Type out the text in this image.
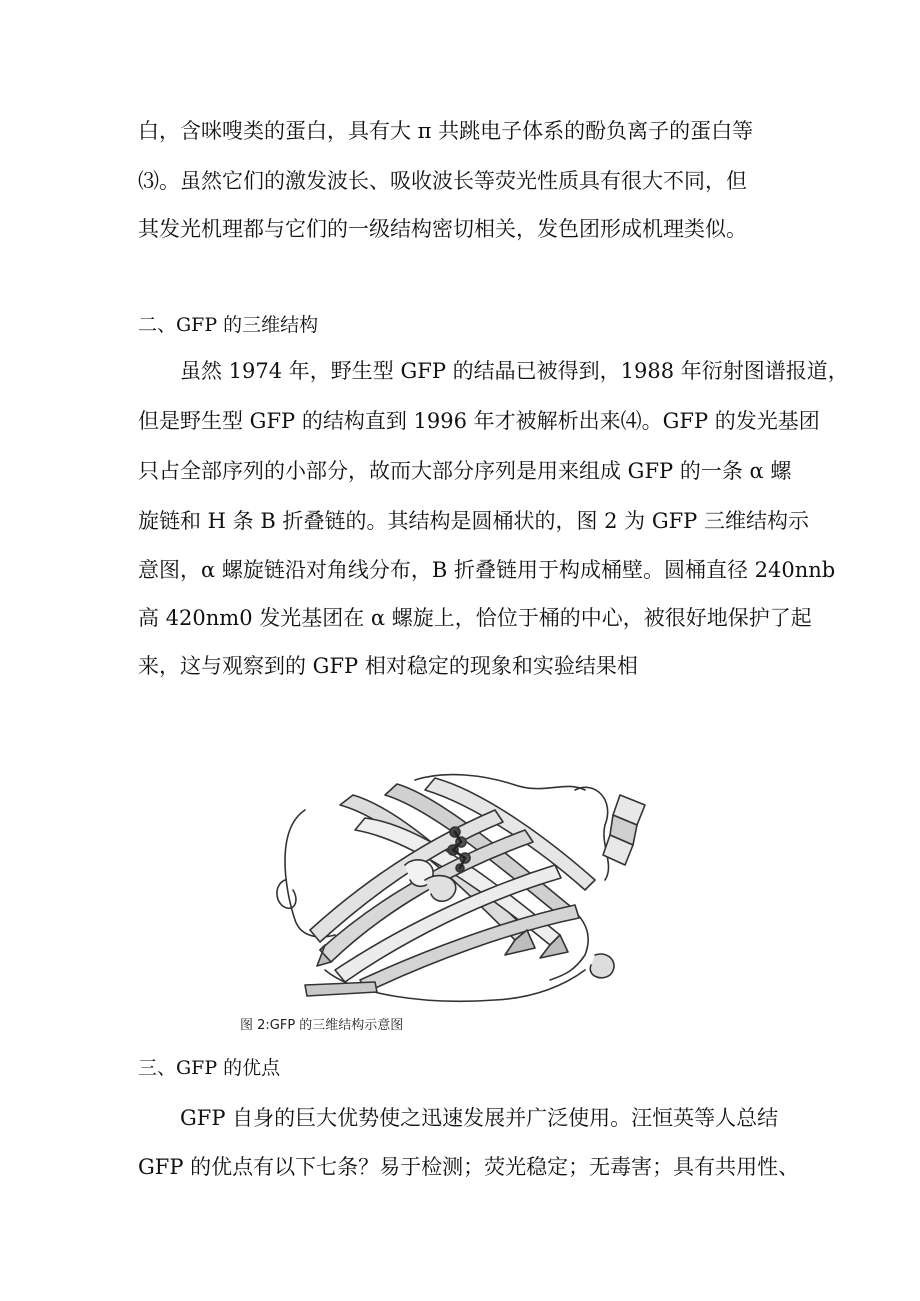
白，含咪嗖类的蛋白，具有大 π 共跳电子体系的酚负离子的蛋白等
⑶。虽然它们的激发波长、吸收波长等荧光性质具有很大不同，但
其发光机理都与它们的一级结构密切相关，发色团形成机理类似。
二、GFP 的三维结构
虽然 1974 年，野生型 GFP 的结晶已被得到，1988 年衍射图谱报道，
但是野生型 GFP 的结构直到 1996 年才被解析出来⑷。GFP 的发光基团
只占全部序列的小部分，故而大部分序列是用来组成 GFP 的一条 α 螺
旋链和 H 条 B 折叠链的。其结构是圆桶状的，图 2 为 GFP 三维结构示
意图，α 螺旋链沿对角线分布，B 折叠链用于构成桶壁。圆桶直径 240nnb
高 420nm0 发光基团在 α 螺旋上，恰位于桶的中心，被很好地保护了起
来，这与观察到的 GFP 相对稳定的现象和实验结果相
图 2:GFP 的三维结构示意图
三、GFP 的优点
GFP 自身的巨大优势使之迅速发展并广泛使用。汪恒英等人总结
GFP 的优点有以下七条？易于检测；荧光稳定；无毒害；具有共用性、
